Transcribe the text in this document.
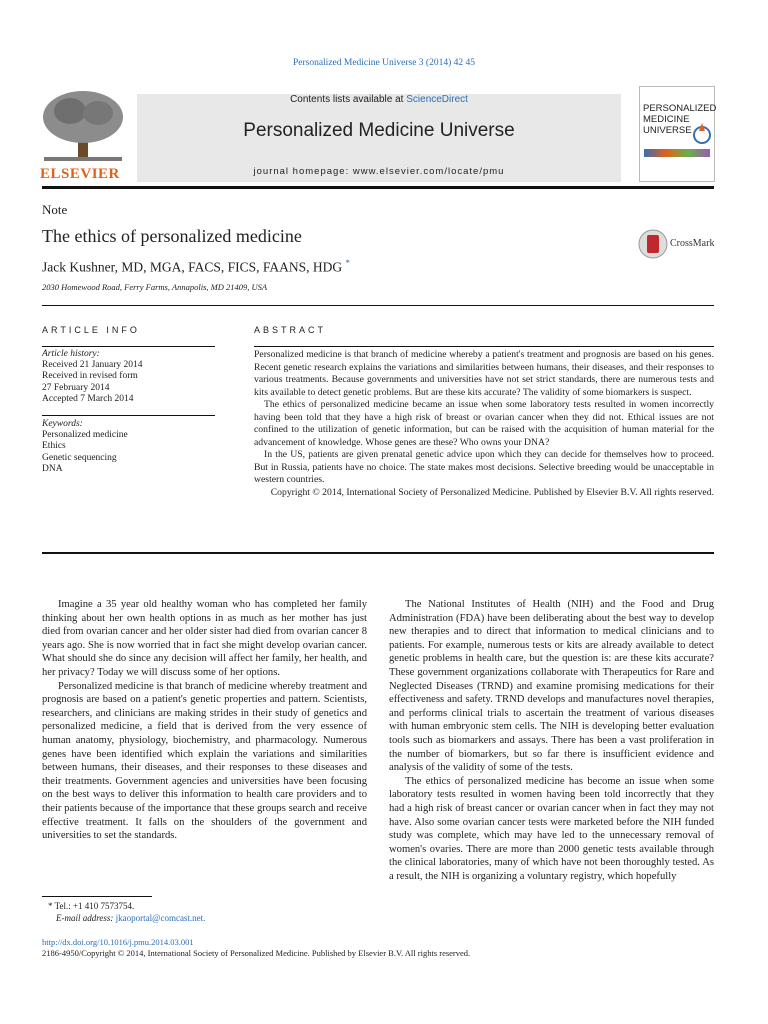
Personalized Medicine Universe 3 (2014) 42 45
ELSEVIER
Contents lists available at ScienceDirect
Personalized Medicine Universe
journal homepage: www.elsevier.com/locate/pmu
PERSONALIZED
MEDICINE
UNIVERSE
Note
The ethics of personalized medicine	CrossMark
Jack Kushner, MD, MGA, FACS, FICS, FAANS, HDG *
2030 Homewood Road, Ferry Farms, Annapolis, MD 21409, USA
ARTICLE INFO
Article history:
Received 21 January 2014
Received in revised form
27 February 2014
Accepted 7 March 2014
Keywords:
Personalized medicine
Ethics
Genetic sequencing
DNA
ABSTRACT

Personalized medicine is that branch of medicine whereby a patient's treatment and prognosis are based on his genes. Recent genetic research explains the variations and similarities between humans, their diseases, and their responses to various treatments. Because governments and universities have not set strict standards, there are numerous tests and kits available to detect genetic problems. But are these kits accurate? The validity of some biomarkers is suspect.

The ethics of personalized medicine became an issue when some laboratory tests resulted in women incorrectly having been told that they have a high risk of breast or ovarian cancer when they did not. Ethical issues are not confined to the utilization of genetic information, but can be raised with the acquisition of human material for the advancement of knowledge. Whose genes are these? Who owns your DNA?

In the US, patients are given prenatal genetic advice upon which they can decide for themselves how to proceed. But in Russia, patients have no choice. The state makes most decisions. Selective breeding would be unacceptable in western countries.

Copyright © 2014, International Society of Personalized Medicine. Published by Elsevier B.V. All rights reserved.

Imagine a 35 year old healthy woman who has completed her family thinking about her own health options in as much as her mother has just died from ovarian cancer and her older sister had died from ovarian cancer 8 years ago. She is now worried that in fact she might develop ovarian cancer. What should she do since any decision will affect her family, her health, and her privacy? Today we will discuss some of her options.

Personalized medicine is that branch of medicine whereby treatment and prognosis are based on a patient's genetic properties and pattern. Scientists, researchers, and clinicians are making strides in their study of genetics and personalized medicine, a field that is derived from the very essence of human anatomy, physiology, biochemistry, and pharmacology. Numerous genes have been identified which explain the variations and similarities between humans, their diseases, and their responses to these diseases and their treatments. Government agencies and universities have been focusing on the best ways to deliver this information to health care providers and to their patients because of the importance that these groups search and receive effective treatment. It falls on the shoulders of the government and universities to set the standards.

The National Institutes of Health (NIH) and the Food and Drug Administration (FDA) have been deliberating about the best way to develop new therapies and to direct that information to medical clinicians and to patients. For example, numerous tests or kits are already available to detect genetic problems in health care, but the question is: are these kits accurate? These government organizations collaborate with Therapeutics for Rare and Neglected Diseases (TRND) and examine promising medications for their effectiveness and safety. TRND develops and manufactures novel therapies, and performs clinical trials to ascertain the treatment of various diseases with human embryonic stem cells. The NIH is developing better evaluation tools such as biomarkers and assays. There has been a vast proliferation in the number of biomarkers, but so far there is insufficient evidence and analysis of the validity of some of the tests.

The ethics of personalized medicine has become an issue when some laboratory tests resulted in women having been told incorrectly that they had a high risk of breast cancer or ovarian cancer when in fact they may not have. Also some ovarian cancer tests were marketed before the NIH funded study was complete, which may have led to the unnecessary removal of women's ovaries. There are more than 2000 genetic tests available through the clinical laboratories, many of which have not been thoroughly tested. As a result, the NIH is organizing a voluntary registry, which hopefully

* Tel.: +1 410 7573754.
E-mail address: jkaoportal@comcast.net.
http://dx.doi.org/10.1016/j.pmu.2014.03.001
2186-4950/Copyright © 2014, International Society of Personalized Medicine. Published by Elsevier B.V. All rights reserved.
